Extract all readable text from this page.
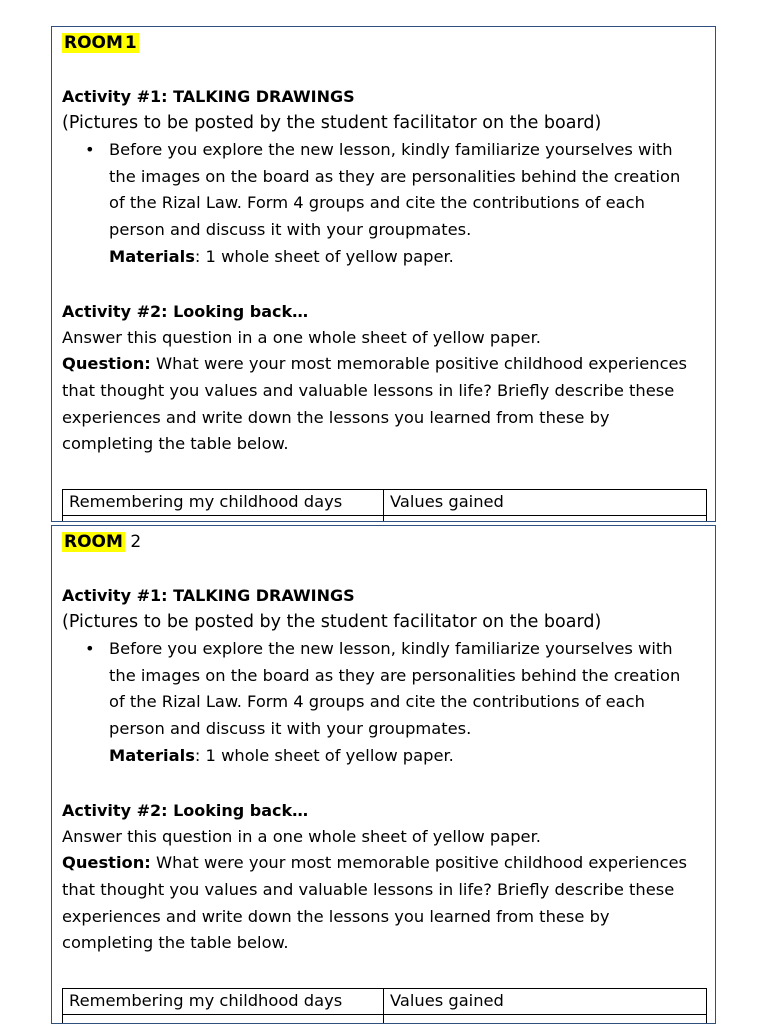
ROOM 1
Activity #1: TALKING DRAWINGS
(Pictures to be posted by the student facilitator on the board)
• Before you explore the new lesson, kindly familiarize yourselves with
the images on the board as they are personalities behind the creation
of the Rizal Law. Form 4 groups and cite the contributions of each
person and discuss it with your groupmates.
Materials: 1 whole sheet of yellow paper.
Activity #2: Looking back…
Answer this question in a one whole sheet of yellow paper.
Question: What were your most memorable positive childhood experiences
that thought you values and valuable lessons in life? Briefly describe these
experiences and write down the lessons you learned from these by
completing the table below.
Remembering my childhood days	Values gained

ROOM 2
Activity #1: TALKING DRAWINGS
(Pictures to be posted by the student facilitator on the board)
• Before you explore the new lesson, kindly familiarize yourselves with
the images on the board as they are personalities behind the creation
of the Rizal Law. Form 4 groups and cite the contributions of each
person and discuss it with your groupmates.
Materials: 1 whole sheet of yellow paper.
Activity #2: Looking back…
Answer this question in a one whole sheet of yellow paper.
Question: What were your most memorable positive childhood experiences
that thought you values and valuable lessons in life? Briefly describe these
experiences and write down the lessons you learned from these by
completing the table below.
Remembering my childhood days	Values gained
